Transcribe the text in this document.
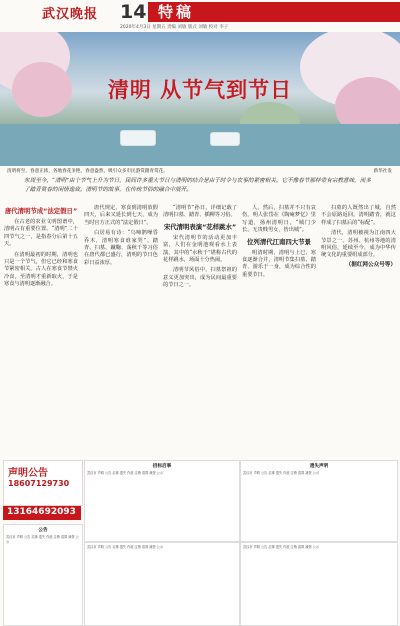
武汉晚报 14 特稿
2020年4月3日 星期五 责编 刘敏 版式 刘敏 校对 李子
清明 从节气到节日
清明将至，春意正浓，各地春花争艳，春意盎然，吸引众多市民游赏踏青赏花。	新华社发
东周至今，“清明”由个节气上升为节日，民间许多重大节日与清明的结合是由于时令与农事的紧密相关。它不像春节那样带有宗教意味，而多了踏青赏春的闲情逸致。清明节的故事，在传统节俗的融合中展开。
唐代清明节成“法定假日”

在古老的农业文明图谱中，清明占有重要位置。“清明”二十四节气之一，是指春分后第十五天。

在清明最初的时期，清明也只是一个节气，但它已经和寒食节紧密相关。古人在寒食节禁火冷食，至清明才重新取火，于是寒食与清明逐渐融合。

唐代规定，寒食到清明放假四天，后来又延长到七天，成为当时官方正式的“法定假日”。

白居易有诗：“乌啼鹊噪昏乔木，清明寒食谁家哭”。踏青、扫墓、蹴鞠、荡秋千等习俗在唐代都已盛行，清明的节日色彩日益浓厚。

“清明节”孙日，详细记载了清明扫墓、踏青、插柳等习俗。

宋代清明表演“花样跳水”

宋代清明节的活动更加丰富，人们在金明池观看水上表演，其中的“水秋千”堪称古代的花样跳水，场面十分热闹。

清明节风俗中，扫墓祭祖的意义更加突出，成为民间最重要的节日之一。

人，然后，扫墓并不只有哀伤，明人张岱在《陶庵梦忆》里写道，扬州清明日，“城门少长，无贵贱男女，皆出城”。

位列清代江南四大节景

明清时期，清明与上巳、寒食逐渐合并，清明节集扫墓、踏青、游乐于一身，成为综合性的重要节日。

扫墓的人既然出了城，自然不会原路返回。清明踏青，就这样成了扫墓后的“标配”。

清代，清明被视为江南四大节景之一。苏州、杭州等地的清明风俗，延续至今，成为中华传统文化的重要组成部分。

（据红网公众号等）
声明公告
18607129730
13164692093
招标启事
武汉市 声明 公告 启事 遗失 作废 注销 清算 减资 公示
遗失声明
武汉市 声明 公告 启事 遗失 作废 注销 清算 减资 公示
公告
武汉市 声明 公告 启事 遗失 作废 注销 清算 减资 公示
武汉市 声明 公告 启事 遗失 作废 注销 清算 减资 公示	武汉市 声明 公告 启事 遗失 作废 注销 清算 减资 公示
